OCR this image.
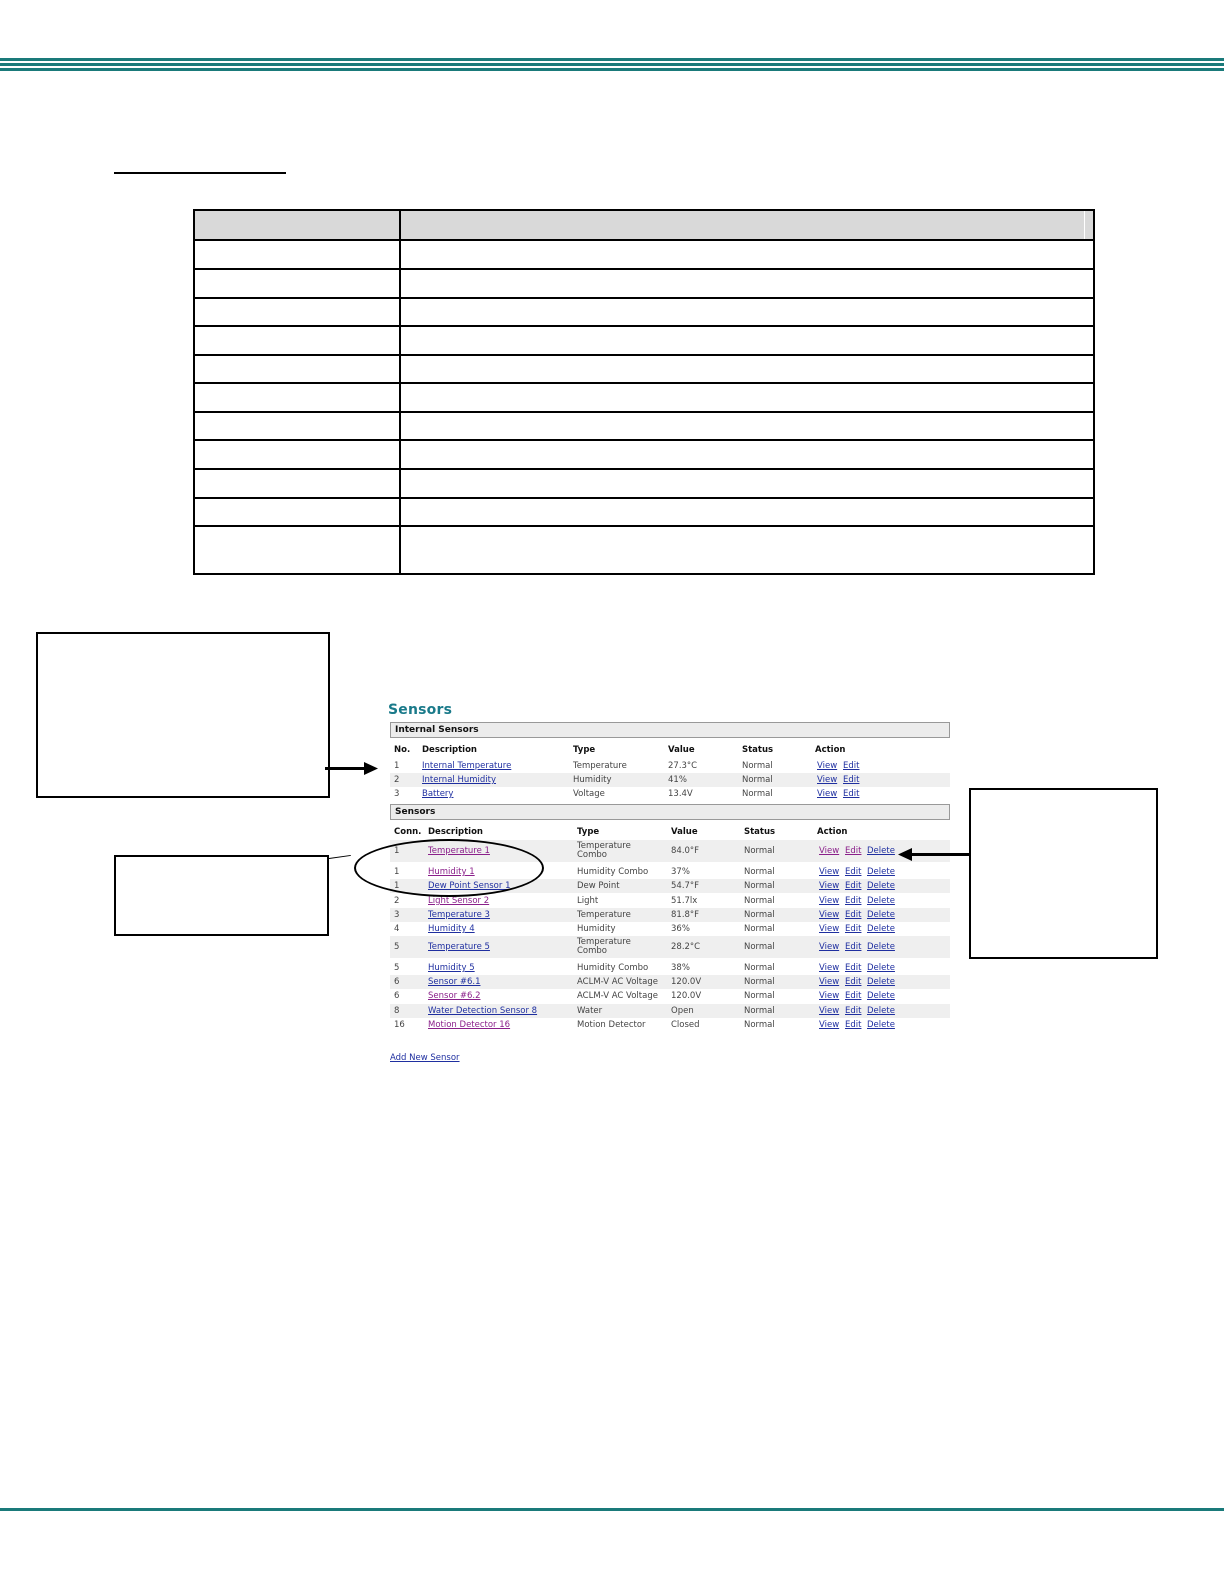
Sensors
Internal Sensors
No. Description	Type	Value	Status	Action
1	Internal Temperature	Temperature	27.3°C	Normal	View Edit
2	Internal Humidity	Humidity	41%	Normal	View Edit
3	Battery	Voltage	13.4V	Normal	View Edit
Sensors
Conn. Description	Type	Value	Status	Action
1	Temperature 1	Temperature Combo	84.0°F	Normal	View Edit Delete
1	Humidity 1	Humidity Combo	37%	Normal	View Edit Delete
1	Dew Point Sensor 1	Dew Point	54.7°F	Normal	View Edit Delete
2	Light Sensor 2	Light	51.7lx	Normal	View Edit Delete
3	Temperature 3	Temperature	81.8°F	Normal	View Edit Delete
4	Humidity 4	Humidity	36%	Normal	View Edit Delete
5	Temperature 5	Temperature Combo	28.2°C	Normal	View Edit Delete
5	Humidity 5	Humidity Combo	38%	Normal	View Edit Delete
6	Sensor #6.1	ACLM-V AC Voltage 120.0V	Normal	View Edit Delete
6	Sensor #6.2	ACLM-V AC Voltage 120.0V	Normal	View Edit Delete
8	Water Detection Sensor 8	Water	Open	Normal	View Edit Delete
16	Motion Detector 16	Motion Detector	Closed	Normal	View Edit Delete
Add New Sensor
